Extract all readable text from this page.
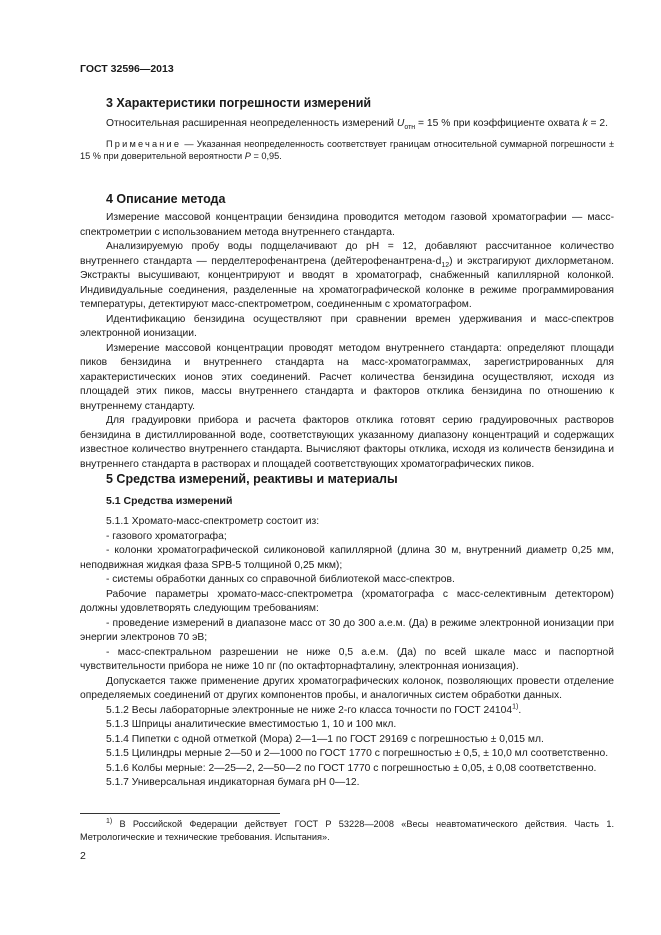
ГОСТ 32596—2013
3 Характеристики погрешности измерений

Относительная расширенная неопределенность измерений $U_{отн} = 15$ % при коэффициенте охвата k = 2.

Примечание — Указанная неопределенность соответствует границам относительной суммарной погрешности ± 15 % при доверительной вероятности P = 0,95.

4 Описание метода

Измерение массовой концентрации бензидина проводится методом газовой хроматографии — масс-спектрометрии с использованием метода внутреннего стандарта.

Анализируемую пробу воды подщелачивают до pH = 12, добавляют рассчитанное количество внутреннего стандарта — перделтерофенантрена $(дейтерофенантрена-d_{12})$ и экстрагируют дихлорметаном. Экстракты высушивают, концентрируют и вводят в хроматограф, снабженный капиллярной колонкой. Индивидуальные соединения, разделенные на хроматографической колонке в режиме программирования температуры, детектируют масс-спектрометром, соединенным с хроматографом.

Идентификацию бензидина осуществляют при сравнении времен удерживания и масс-спектров электронной ионизации.

Измерение массовой концентрации проводят методом внутреннего стандарта: определяют площади пиков бензидина и внутреннего стандарта на масс-хроматограммах, зарегистрированных для характеристических ионов этих соединений. Расчет количества бензидина осуществляют, исходя из площадей этих пиков, массы внутреннего стандарта и факторов отклика бензидина по отношению к внутреннему стандарту.

Для градуировки прибора и расчета факторов отклика готовят серию градуировочных растворов бензидина в дистиллированной воде, соответствующих указанному диапазону концентраций и содержащих известное количество внутреннего стандарта. Вычисляют факторы отклика, исходя из количеств бензидина и внутреннего стандарта в растворах и площадей соответствующих хроматографических пиков.

5 Средства измерений, реактивы и материалы
5.1 Средства измерений

5.1.1 Хромато-масс-спектрометр состоит из:

- газового хроматографа;

- колонки хроматографической силиконовой капиллярной (длина 30 м, внутренний диаметр 0,25 мм, неподвижная жидкая фаза SPB-5 толщиной 0,25 мкм);

- системы обработки данных со справочной библиотекой масс-спектров.

Рабочие параметры хромато-масс-спектрометра (хроматографа с масс-селективным детектором) должны удовлетворять следующим требованиям:

- проведение измерений в диапазоне масс от 30 до 300 а.е.м. (Да) в режиме электронной ионизации при энергии электронов 70 эВ;

- масс-спектральном разрешении не ниже 0,5 а.е.м. (Да) по всей шкале масс и паспортной чувствительности прибора не ниже 10 пг (по октафторнафталину, электронная ионизация).

Допускается также применение других хроматографических колонок, позволяющих провести отделение определяемых соединений от других компонентов пробы, и аналогичных систем обработки данных.

5.1.2 Весы лабораторные электронные не ниже 2-го класса точности по ГОСТ 24104$^{1)}$.

5.1.3 Шприцы аналитические вместимостью 1, 10 и 100 мкл.

5.1.4 Пипетки с одной отметкой (Мора) 2—1—1 по ГОСТ 29169 с погрешностью ± 0,015 мл.

5.1.5 Цилиндры мерные 2—50 и 2—1000 по ГОСТ 1770 с погрешностью ± 0,5, ± 10,0 мл соответственно.

5.1.6 Колбы мерные: 2—25—2, 2—50—2 по ГОСТ 1770 с погрешностью ± 0,05, ± 0,08 соответственно.

5.1.7 Универсальная индикаторная бумага pH 0—12.

$^{1)}$ В Российской Федерации действует ГОСТ Р 53228—2008 «Весы неавтоматического действия. Часть 1. Метрологические и технические требования. Испытания».
2
